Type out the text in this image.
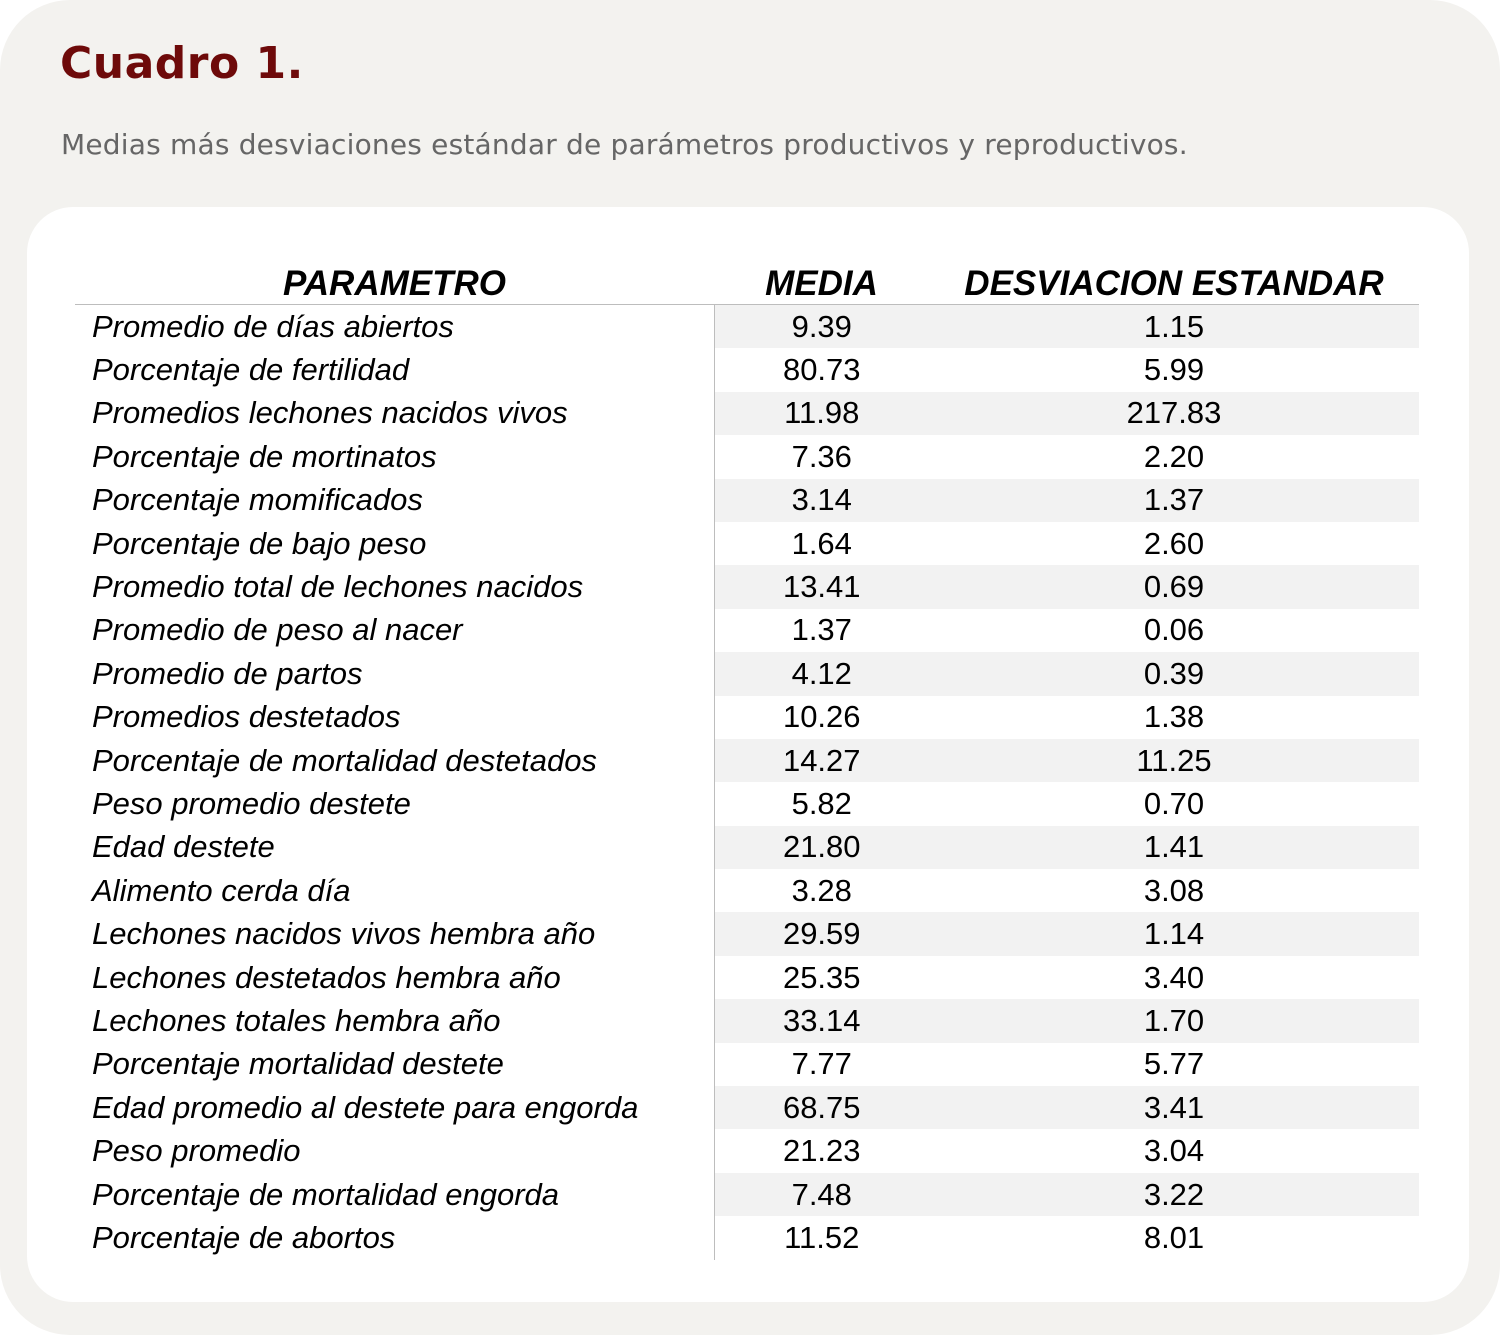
Cuadro 1.

Medias más desviaciones estándar de parámetros productivos y reproductivos.

PARAMETRO	MEDIA	DESVIACION ESTANDAR
Promedio de días abiertos	9.39	1.15
Porcentaje de fertilidad	80.73	5.99
Promedios lechones nacidos vivos	11.98	217.83
Porcentaje de mortinatos	7.36	2.20
Porcentaje momificados	3.14	1.37
Porcentaje de bajo peso	1.64	2.60
Promedio total de lechones nacidos	13.41	0.69
Promedio de peso al nacer	1.37	0.06
Promedio de partos	4.12	0.39
Promedios destetados	10.26	1.38
Porcentaje de mortalidad destetados	14.27	11.25
Peso promedio destete	5.82	0.70
Edad destete	21.80	1.41
Alimento cerda día	3.28	3.08
Lechones nacidos vivos hembra año	29.59	1.14
Lechones destetados hembra año	25.35	3.40
Lechones totales hembra año	33.14	1.70
Porcentaje mortalidad destete	7.77	5.77
Edad promedio al destete para engorda	68.75	3.41
Peso promedio	21.23	3.04
Porcentaje de mortalidad engorda	7.48	3.22
Porcentaje de abortos	11.52	8.01
